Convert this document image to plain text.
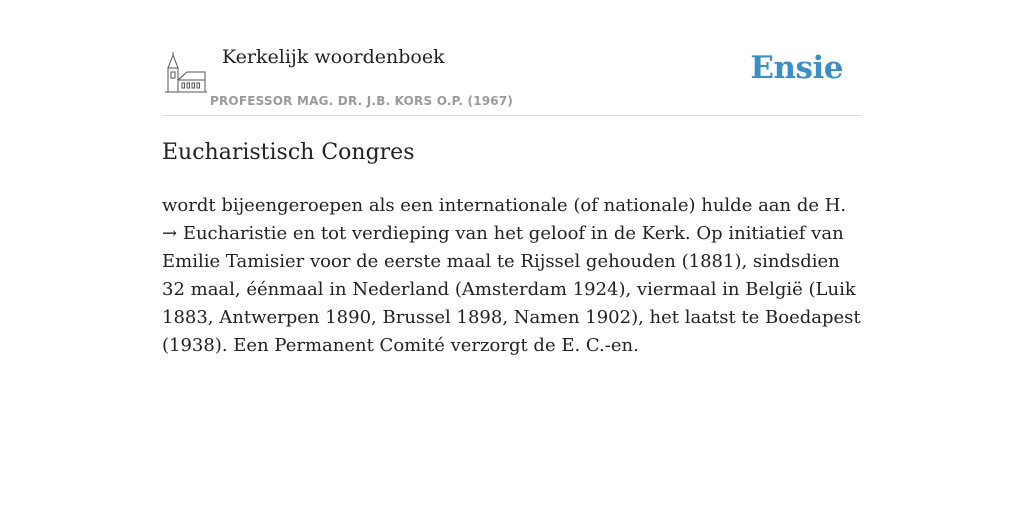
Kerkelijk woordenboek
PROFESSOR MAG. DR. J.B. KORS O.P. (1967)
Ensie
Eucharistisch Congres

wordt bijeengeroepen als een internationale (of nationale) hulde aan de H. → Eucharistie en tot verdieping van het geloof in de Kerk. Op initiatief van Emilie Tamisier voor de eerste maal te Rijssel gehouden (1881), sindsdien 32 maal, éénmaal in Nederland (Amsterdam 1924), viermaal in België (Luik 1883, Antwerpen 1890, Brussel 1898, Namen 1902), het laatst te Boedapest (1938). Een Permanent Comité verzorgt de E. C.-en.
